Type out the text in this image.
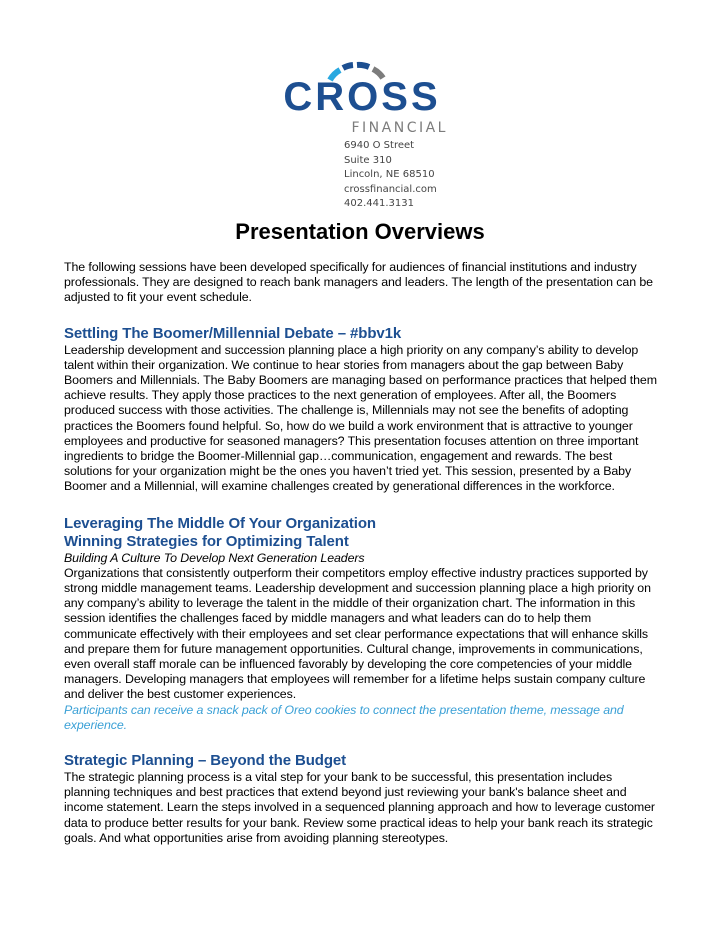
CROSS
FINANCIAL
6940 O Street
Suite 310
Lincoln, NE 68510
crossfinancial.com
402.441.3131
Presentation Overviews

The following sessions have been developed specifically for audiences of financial institutions and industry professionals. They are designed to reach bank managers and leaders. The length of the presentation can be adjusted to fit your event schedule.

Settling The Boomer/Millennial Debate – #bbv1k

Leadership development and succession planning place a high priority on any company’s ability to develop talent within their organization. We continue to hear stories from managers about the gap between Baby Boomers and Millennials. The Baby Boomers are managing based on performance practices that helped them achieve results. They apply those practices to the next generation of employees. After all, the Boomers produced success with those activities. The challenge is, Millennials may not see the benefits of adopting practices the Boomers found helpful. So, how do we build a work environment that is attractive to younger employees and productive for seasoned managers? This presentation focuses attention on three important ingredients to bridge the Boomer-Millennial gap…communication, engagement and rewards. The best solutions for your organization might be the ones you haven’t tried yet. This session, presented by a Baby Boomer and a Millennial, will examine challenges created by generational differences in the workforce.

Leveraging The Middle Of Your Organization
Winning Strategies for Optimizing Talent

Building A Culture To Develop Next Generation Leaders

Organizations that consistently outperform their competitors employ effective industry practices supported by strong middle management teams. Leadership development and succession planning place a high priority on any company’s ability to leverage the talent in the middle of their organization chart. The information in this session identifies the challenges faced by middle managers and what leaders can do to help them communicate effectively with their employees and set clear performance expectations that will enhance skills and prepare them for future management opportunities. Cultural change, improvements in communications, even overall staff morale can be influenced favorably by developing the core competencies of your middle managers. Developing managers that employees will remember for a lifetime helps sustain company culture and deliver the best customer experiences.

Participants can receive a snack pack of Oreo cookies to connect the presentation theme, message and experience.

Strategic Planning – Beyond the Budget

The strategic planning process is a vital step for your bank to be successful, this presentation includes planning techniques and best practices that extend beyond just reviewing your bank's balance sheet and income statement. Learn the steps involved in a sequenced planning approach and how to leverage customer data to produce better results for your bank. Review some practical ideas to help your bank reach its strategic goals. And what opportunities arise from avoiding planning stereotypes.
